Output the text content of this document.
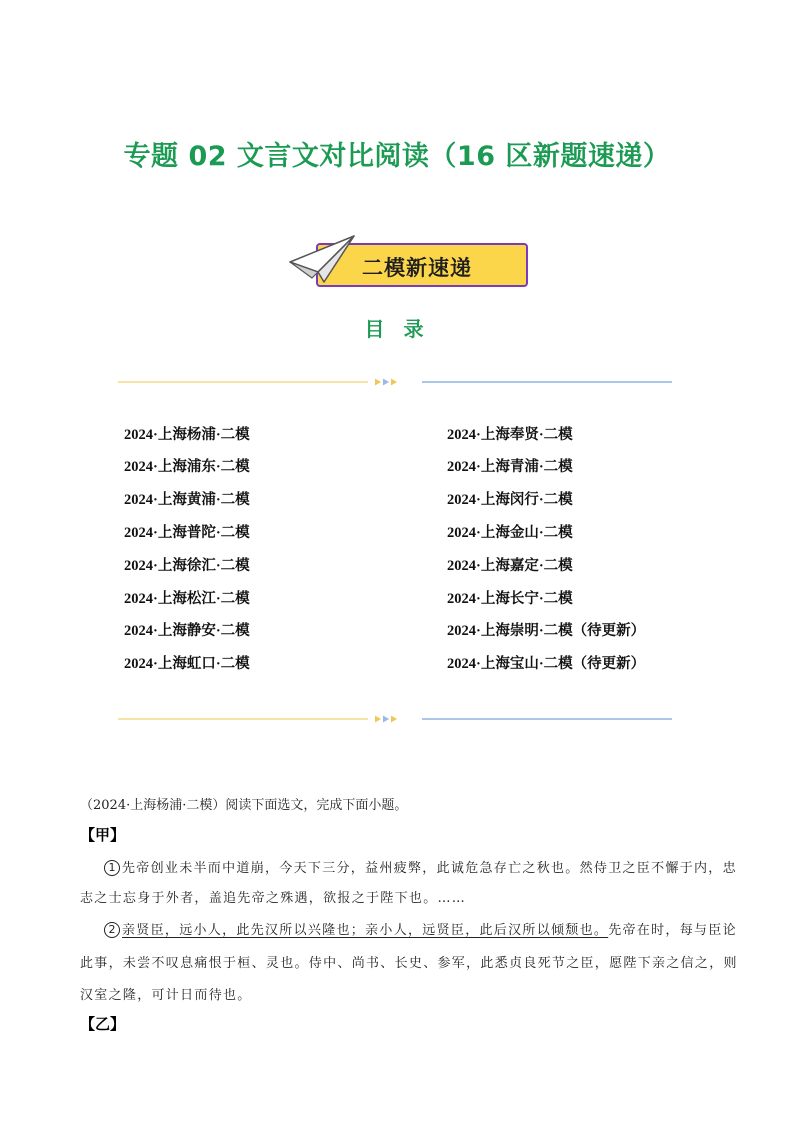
专题 02 文言文对比阅读（16 区新题速递）
二模新速递
目 录
2024·上海杨浦·二模
2024·上海浦东·二模
2024·上海黄浦·二模
2024·上海普陀·二模
2024·上海徐汇·二模
2024·上海松江·二模
2024·上海静安·二模
2024·上海虹口·二模
2024·上海奉贤·二模
2024·上海青浦·二模
2024·上海闵行·二模
2024·上海金山·二模
2024·上海嘉定·二模
2024·上海长宁·二模
2024·上海崇明·二模（待更新）
2024·上海宝山·二模（待更新）
（2024·上海杨浦·二模）阅读下面选文，完成下面小题。
【甲】
1 先帝创业未半而中道崩，今天下三分，益州疲弊，此诚危急存亡之秋也。然侍卫之臣不懈于内，忠
志之士忘身于外者，盖追先帝之殊遇，欲报之于陛下也。……
2 亲贤臣，远小人，此先汉所以兴隆也；亲小人，远贤臣，此后汉所以倾颓也。先帝在时，每与臣论
此事，未尝不叹息痛恨于桓、灵也。侍中、尚书、长史、参军，此悉贞良死节之臣，愿陛下亲之信之，则
汉室之隆，可计日而待也。
【乙】
